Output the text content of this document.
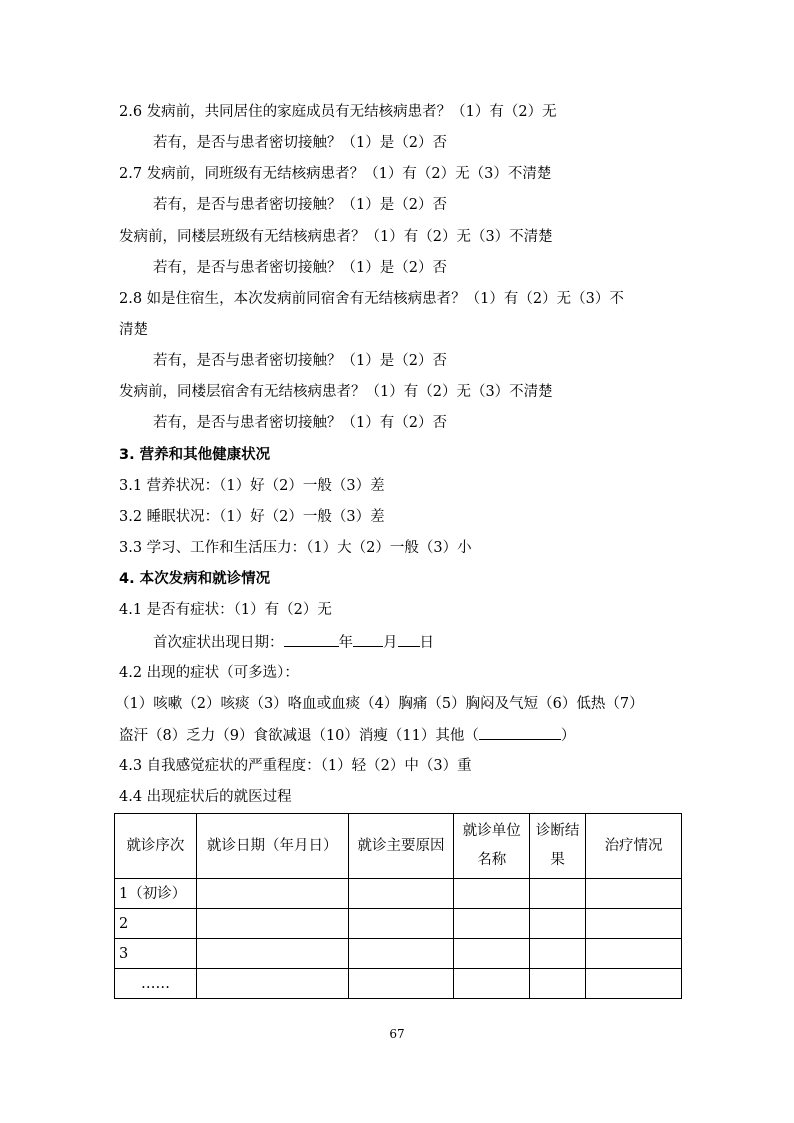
2.6 发病前，共同居住的家庭成员有无结核病患者？（1）有（2）无
若有，是否与患者密切接触？（1）是（2）否
2.7 发病前，同班级有无结核病患者？（1）有（2）无（3）不清楚
若有，是否与患者密切接触？（1）是（2）否
发病前，同楼层班级有无结核病患者？（1）有（2）无（3）不清楚
若有，是否与患者密切接触？（1）是（2）否
2.8 如是住宿生，本次发病前同宿舍有无结核病患者？（1）有（2）无（3）不
清楚
若有，是否与患者密切接触？（1）是（2）否
发病前，同楼层宿舍有无结核病患者？（1）有（2）无（3）不清楚
若有，是否与患者密切接触？（1）有（2）否
3. 营养和其他健康状况
3.1 营养状况：（1）好（2）一般（3）差
3.2 睡眠状况：（1）好（2）一般（3）差
3.3 学习、工作和生活压力：（1）大（2）一般（3）小
4. 本次发病和就诊情况
4.1 是否有症状：（1）有（2）无
首次症状出现日期：	年 月 日
4.2 出现的症状（可多选）：
（1）咳嗽（2）咳痰（3）咯血或血痰（4）胸痛（5）胸闷及气短（6）低热（7）
盗汗（8）乏力（9）食欲减退（10）消瘦（11）其他（	）
4.3 自我感觉症状的严重程度：（1）轻（2）中（3）重
4.4 出现症状后的就医过程
就诊序次	就诊日期（年月日）	就诊主要原因	就诊单位名称	诊断结果	治疗情况
1（初诊）					
2					
3					
……					
67
